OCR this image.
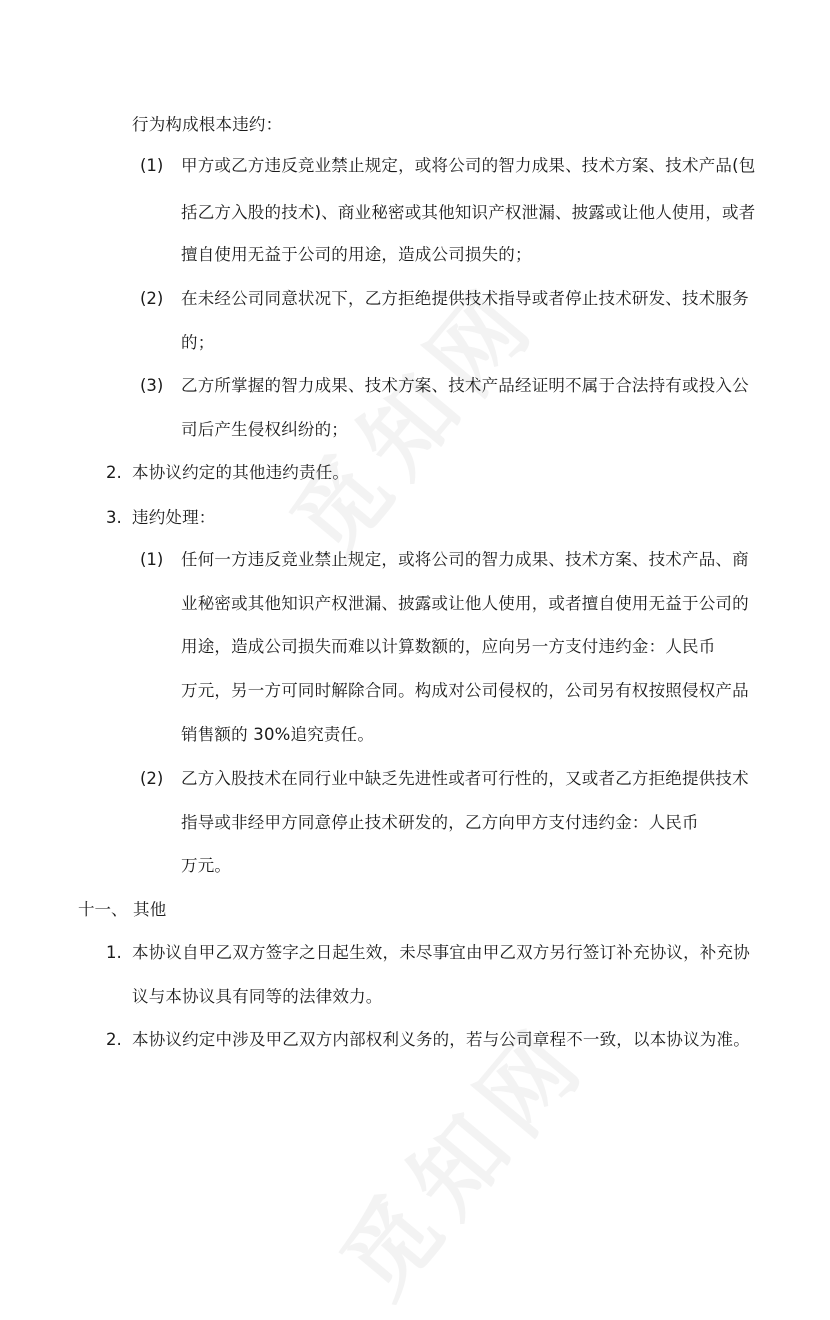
行为构成根本违约：
(1) 甲方或乙方违反竞业禁止规定，或将公司的智力成果、技术方案、技术产品(包
括乙方入股的技术)、商业秘密或其他知识产权泄漏、披露或让他人使用，或者
擅自使用无益于公司的用途，造成公司损失的；
(2) 在未经公司同意状况下，乙方拒绝提供技术指导或者停止技术研发、技术服务
的；
(3) 乙方所掌握的智力成果、技术方案、技术产品经证明不属于合法持有或投入公
司后产生侵权纠纷的；
2. 本协议约定的其他违约责任。
3. 违约处理：
(1) 任何一方违反竞业禁止规定，或将公司的智力成果、技术方案、技术产品、商
业秘密或其他知识产权泄漏、披露或让他人使用，或者擅自使用无益于公司的
用途，造成公司损失而难以计算数额的，应向另一方支付违约金：人民币
万元，另一方可同时解除合同。构成对公司侵权的，公司另有权按照侵权产品
销售额的 30%追究责任。
(2) 乙方入股技术在同行业中缺乏先进性或者可行性的，又或者乙方拒绝提供技术
指导或非经甲方同意停止技术研发的，乙方向甲方支付违约金：人民币
万元。
十一、 其他
1. 本协议自甲乙双方签字之日起生效，未尽事宜由甲乙双方另行签订补充协议，补充协
议与本协议具有同等的法律效力。
2. 本协议约定中涉及甲乙双方内部权利义务的，若与公司章程不一致，以本协议为准。
